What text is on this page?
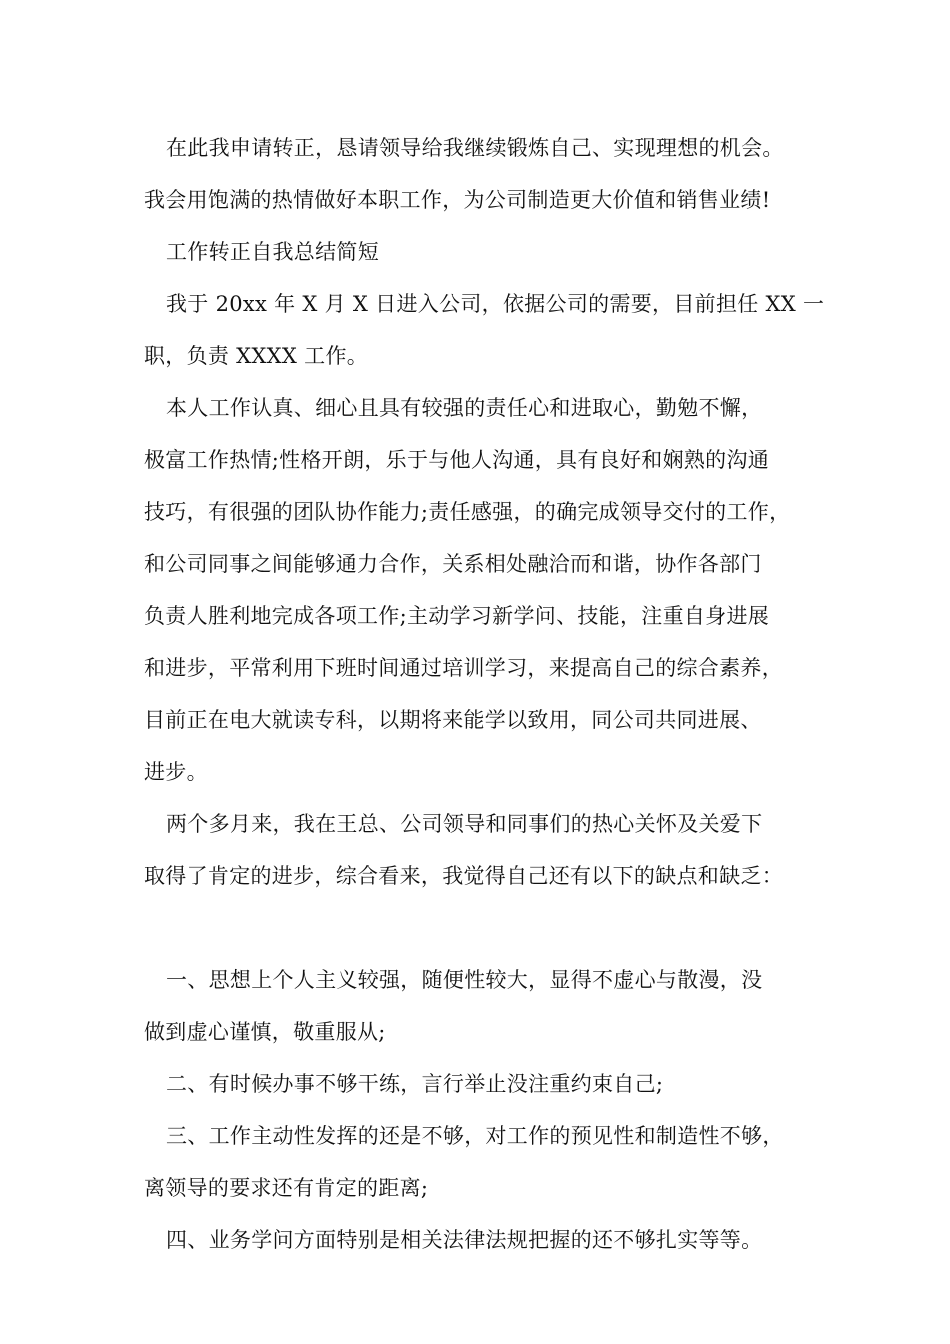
在此我申请转正，恳请领导给我继续锻炼自己、实现理想的机会。
我会用饱满的热情做好本职工作，为公司制造更大价值和销售业绩!
工作转正自我总结简短
我于 20xx 年 X 月 X 日进入公司，依据公司的需要，目前担任 XX 一
职，负责 XXXX 工作。
本人工作认真、细心且具有较强的责任心和进取心，勤勉不懈，
极富工作热情;性格开朗，乐于与他人沟通，具有良好和娴熟的沟通
技巧，有很强的团队协作能力;责任感强，的确完成领导交付的工作，
和公司同事之间能够通力合作，关系相处融洽而和谐，协作各部门
负责人胜利地完成各项工作;主动学习新学问、技能，注重自身进展
和进步，平常利用下班时间通过培训学习，来提高自己的综合素养，
目前正在电大就读专科，以期将来能学以致用，同公司共同进展、
进步。
两个多月来，我在王总、公司领导和同事们的热心关怀及关爱下
取得了肯定的进步，综合看来，我觉得自己还有以下的缺点和缺乏：
一、思想上个人主义较强，随便性较大，显得不虚心与散漫，没
做到虚心谨慎，敬重服从;
二、有时候办事不够干练，言行举止没注重约束自己;
三、工作主动性发挥的还是不够，对工作的预见性和制造性不够，
离领导的要求还有肯定的距离;
四、业务学问方面特别是相关法律法规把握的还不够扎实等等。
